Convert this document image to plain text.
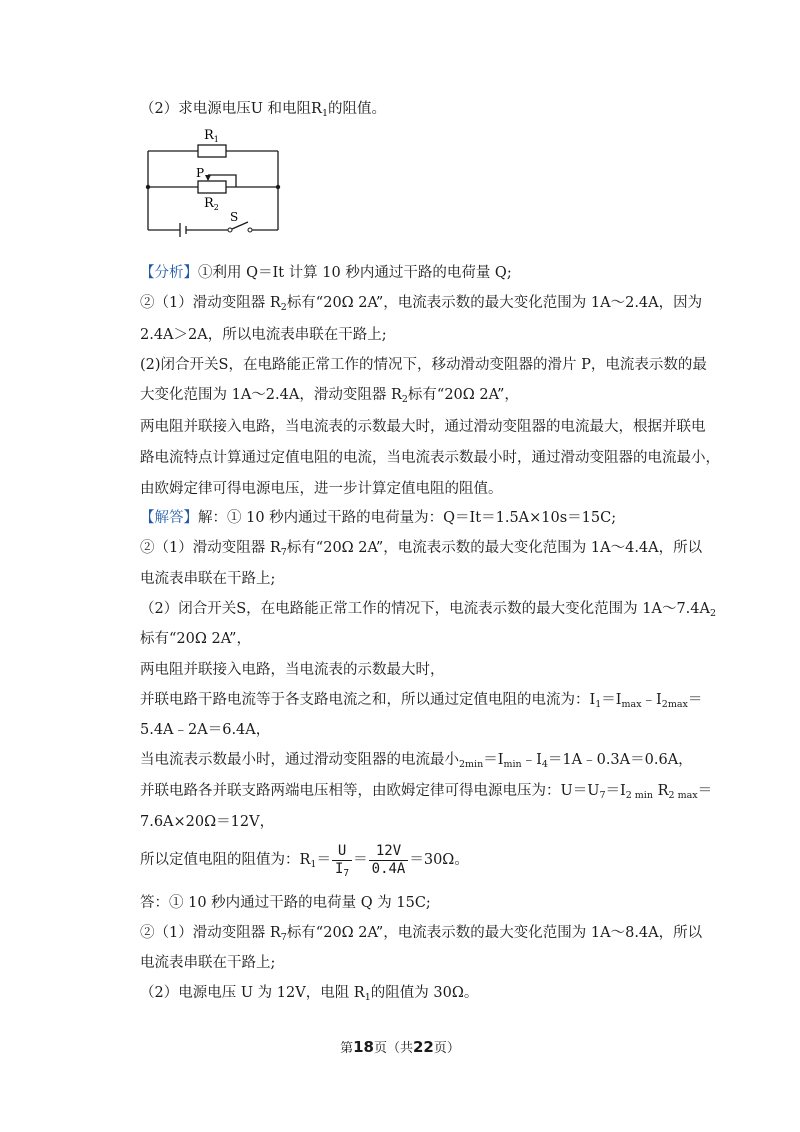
（2）求电源电压U 和电阻$R_1$的阻值。
$R_1$
P
$R_2$
S
【分析】①利用 Q＝It 计算 10 秒内通过干路的电荷量 Q;
②（1）滑动变阻器 $R_2$标有“20Ω 2A”，电流表示数的最大变化范围为 1A～2.4A，因为
2.4A＞2A，所以电流表串联在干路上;
(2)闭合开关S，在电路能正常工作的情况下，移动滑动变阻器的滑片 P，电流表示数的最
大变化范围为 1A～2.4A，滑动变阻器 $R_2$标有“20Ω 2A”，
两电阻并联接入电路，当电流表的示数最大时，通过滑动变阻器的电流最大，根据并联电
路电流特点计算通过定值电阻的电流，当电流表示数最小时，通过滑动变阻器的电流最小，
由欧姆定律可得电源电压，进一步计算定值电阻的阻值。
【解答】解：① 10 秒内通过干路的电荷量为：Q＝It＝1.5A×10s＝15C;
②（1）滑动变阻器 $R_7$标有“20Ω 2A”，电流表示数的最大变化范围为 1A～4.4A，所以
电流表串联在干路上;
（2）闭合开关S，在电路能正常工作的情况下，电流表示数的最大变化范围为 $1A\sim 7.4A_2$
标有“20Ω 2A”，
两电阻并联接入电路，当电流表的示数最大时，
并联电路干路电流等于各支路电流之和，所以通过定值电阻的电流为：$I_1=I_{max}﹣I_{2max}=$
5.4A﹣2A＝6.4A，
当电流表示数最小时，通过滑动变阻器的电流最小$_{2min}=I_{min}﹣I_4=1A﹣0.3A=0.6A$，
并联电路各并联支路两端电压相等，由欧姆定律可得电源电压为：$U=U_7=I_{2 min}$ $R_{2 max}=$
7.6A×20Ω＝12V，
所以定值电阻的阻值为：$R_1= \frac{U}{I_7} = \frac{12V}{0.4A} =30\Omega$。
答：① 10 秒内通过干路的电荷量 Q 为 15C;
②（1）滑动变阻器 $R_7$标有“20Ω 2A”，电流表示数的最大变化范围为 1A～8.4A，所以
电流表串联在干路上;
（2）电源电压 U 为 12V，电阻 $R_1$的阻值为 30Ω。
第18页（共22页）
